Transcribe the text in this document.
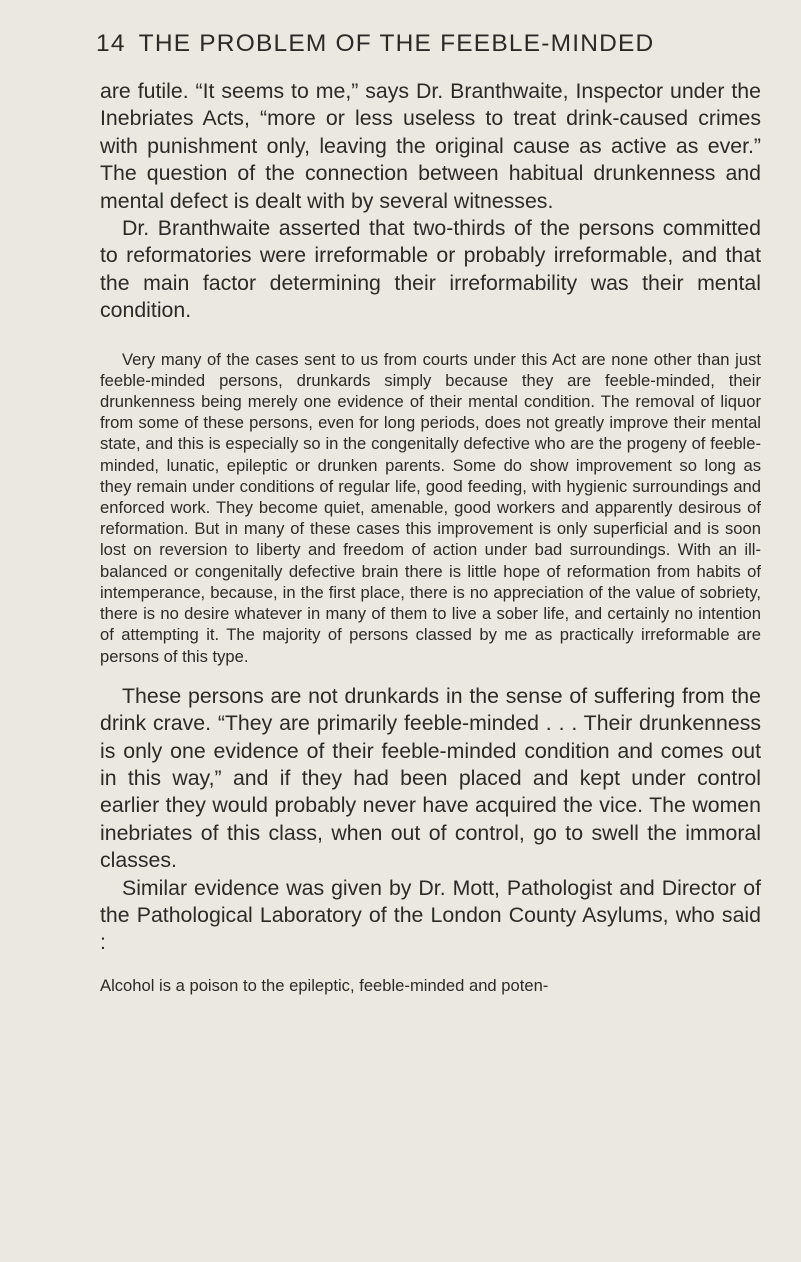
14 THE PROBLEM OF THE FEEBLE-MINDED

are futile. “It seems to me,” says Dr. Branthwaite, Inspector under the Inebriates Acts, “more or less useless to treat drink-caused crimes with punishment only, leaving the original cause as active as ever.” The question of the connection between habitual drunkenness and mental defect is dealt with by several witnesses.

Dr. Branthwaite asserted that two-thirds of the persons committed to reformatories were irreformable or probably irreformable, and that the main factor determining their irreformability was their mental condition.

Very many of the cases sent to us from courts under this Act are none other than just feeble-minded persons, drunkards simply because they are feeble-minded, their drunkenness being merely one evidence of their mental condition. The removal of liquor from some of these persons, even for long periods, does not greatly improve their mental state, and this is especially so in the congenitally defective who are the progeny of feeble-minded, lunatic, epileptic or drunken parents. Some do show improvement so long as they remain under conditions of regular life, good feeding, with hygienic surroundings and enforced work. They become quiet, amenable, good workers and apparently desirous of reformation. But in many of these cases this improvement is only superficial and is soon lost on reversion to liberty and freedom of action under bad surroundings. With an ill-balanced or congenitally defective brain there is little hope of reformation from habits of intemperance, because, in the first place, there is no appreciation of the value of sobriety, there is no desire whatever in many of them to live a sober life, and certainly no intention of attempting it. The majority of persons classed by me as practically irreformable are persons of this type.

These persons are not drunkards in the sense of suffering from the drink crave. “They are primarily feeble-minded . . . Their drunkenness is only one evidence of their feeble-minded condition and comes out in this way,” and if they had been placed and kept under control earlier they would probably never have acquired the vice. The women inebriates of this class, when out of control, go to swell the immoral classes.

Similar evidence was given by Dr. Mott, Pathologist and Director of the Pathological Laboratory of the London County Asylums, who said :

Alcohol is a poison to the epileptic, feeble-minded and poten-
